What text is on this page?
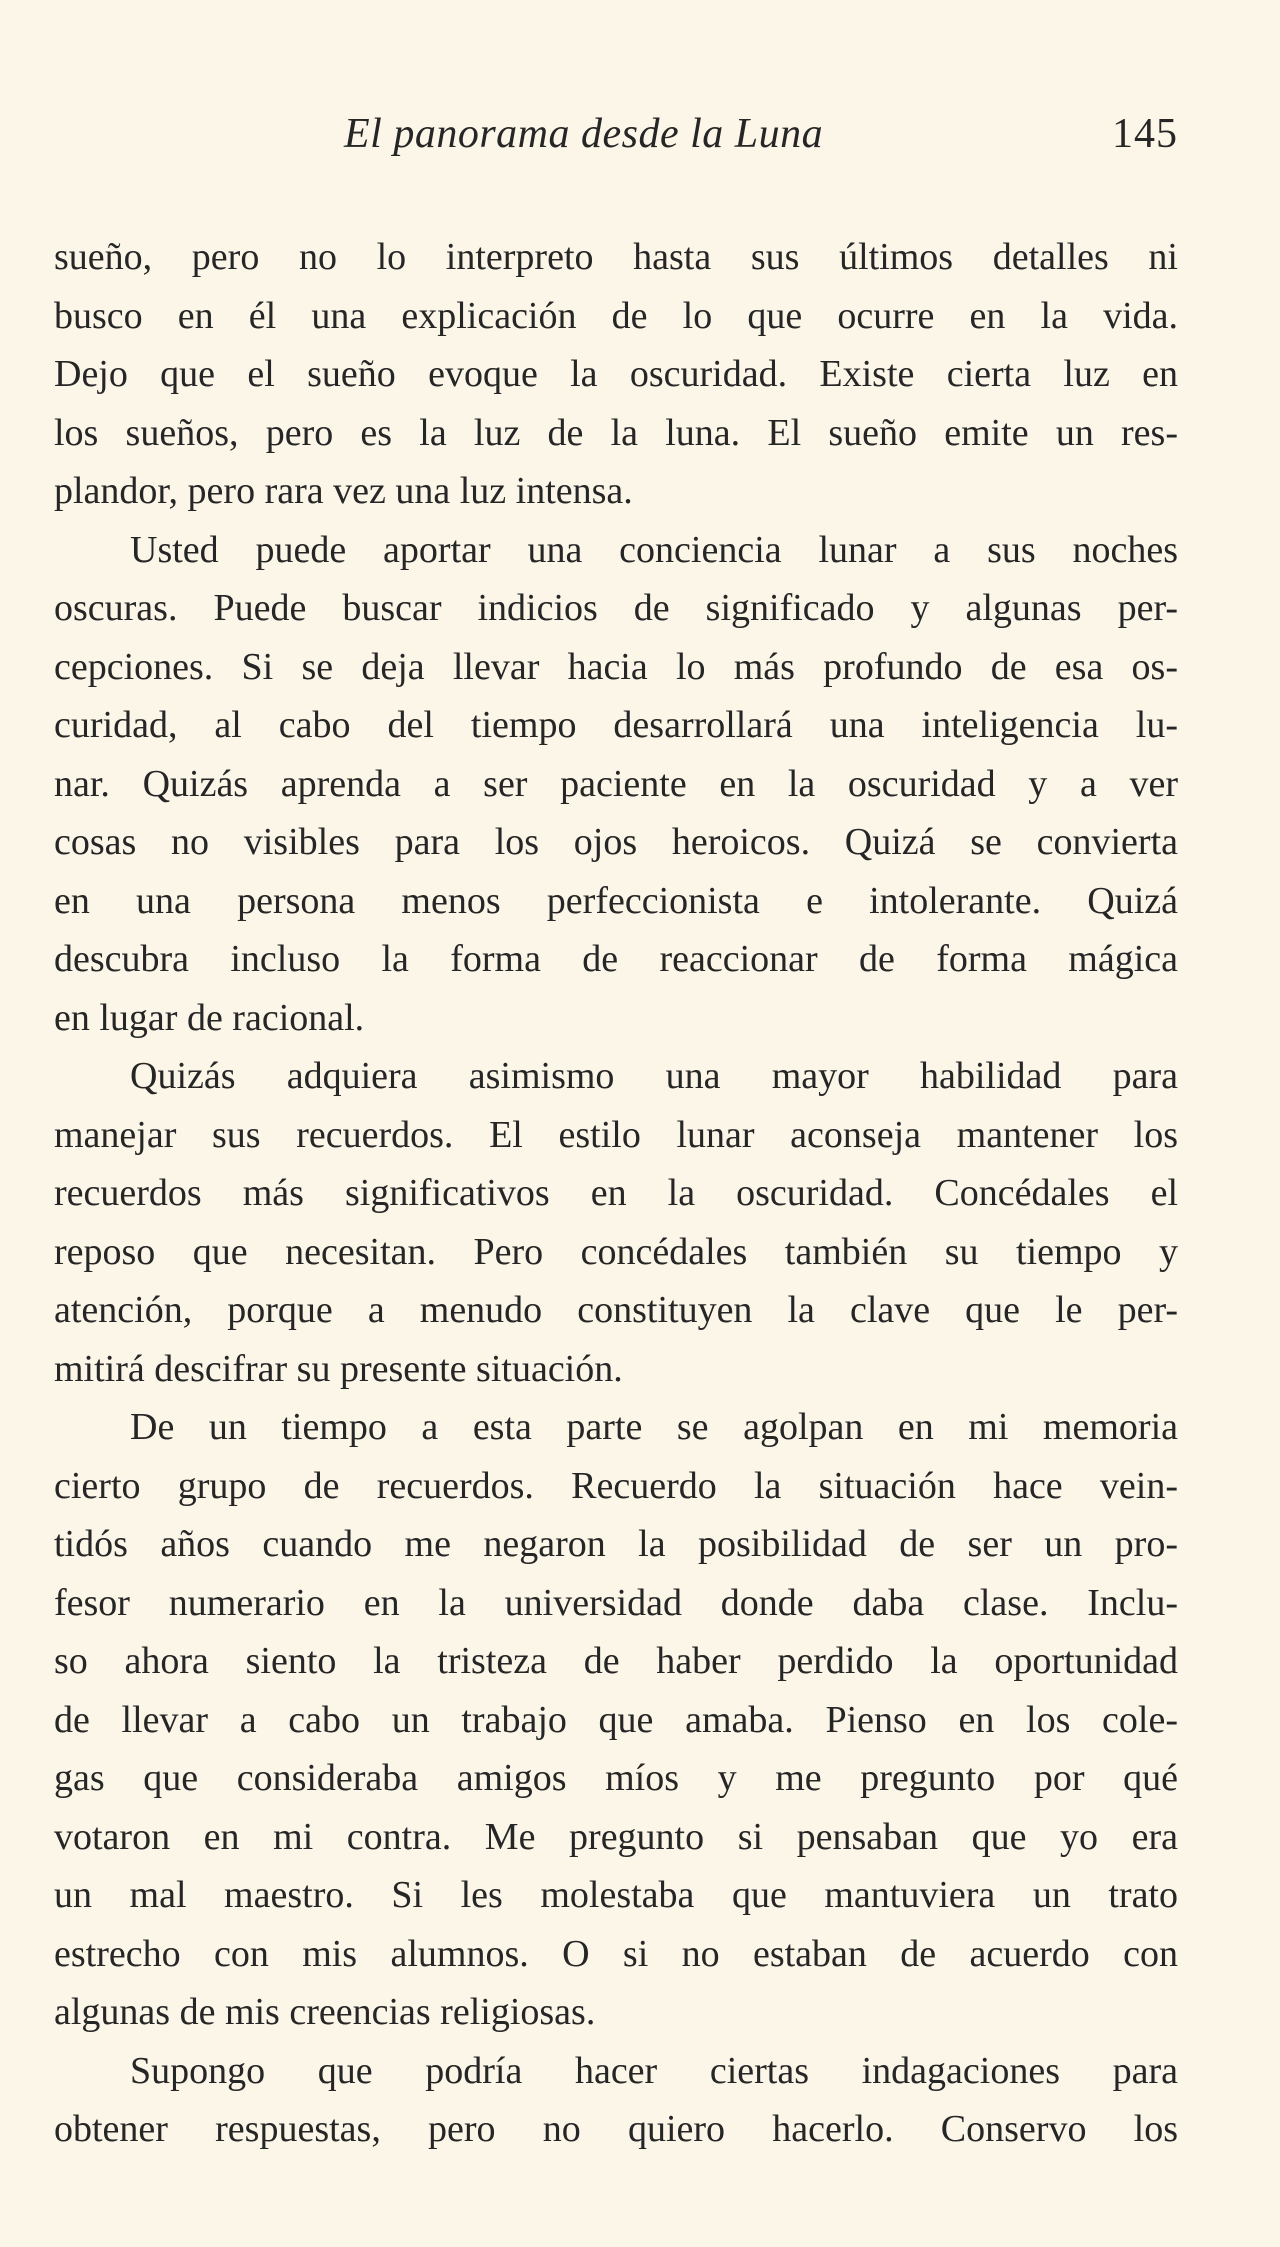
El panorama desde la Luna	145
sueño, pero no lo interpreto hasta sus últimos detalles ni
busco en él una explicación de lo que ocurre en la vida.
Dejo que el sueño evoque la oscuridad. Existe cierta luz en
los sueños, pero es la luz de la luna. El sueño emite un res-
plandor, pero rara vez una luz intensa.
Usted puede aportar una conciencia lunar a sus noches
oscuras. Puede buscar indicios de significado y algunas per-
cepciones. Si se deja llevar hacia lo más profundo de esa os-
curidad, al cabo del tiempo desarrollará una inteligencia lu-
nar. Quizás aprenda a ser paciente en la oscuridad y a ver
cosas no visibles para los ojos heroicos. Quizá se convierta
en una persona menos perfeccionista e intolerante. Quizá
descubra incluso la forma de reaccionar de forma mágica
en lugar de racional.
Quizás adquiera asimismo una mayor habilidad para
manejar sus recuerdos. El estilo lunar aconseja mantener los
recuerdos más significativos en la oscuridad. Concédales el
reposo que necesitan. Pero concédales también su tiempo y
atención, porque a menudo constituyen la clave que le per-
mitirá descifrar su presente situación.
De un tiempo a esta parte se agolpan en mi memoria
cierto grupo de recuerdos. Recuerdo la situación hace vein-
tidós años cuando me negaron la posibilidad de ser un pro-
fesor numerario en la universidad donde daba clase. Inclu-
so ahora siento la tristeza de haber perdido la oportunidad
de llevar a cabo un trabajo que amaba. Pienso en los cole-
gas que consideraba amigos míos y me pregunto por qué
votaron en mi contra. Me pregunto si pensaban que yo era
un mal maestro. Si les molestaba que mantuviera un trato
estrecho con mis alumnos. O si no estaban de acuerdo con
algunas de mis creencias religiosas.
Supongo que podría hacer ciertas indagaciones para
obtener respuestas, pero no quiero hacerlo. Conservo los
